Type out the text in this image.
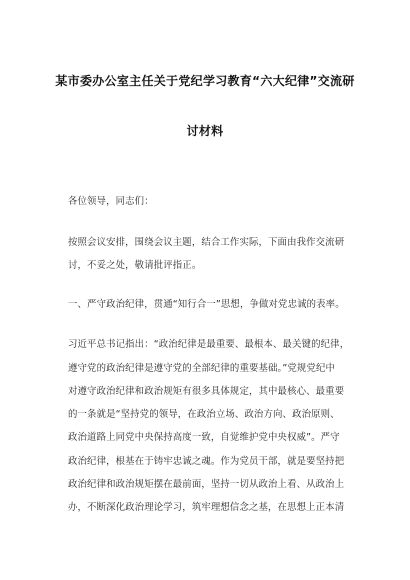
某市委办公室主任关于党纪学习教育“六大纪律”交流研
讨材料
各位领导，同志们：
按照会议安排，围绕会议主题，结合工作实际，下面由我作交流研
讨，不妥之处，敬请批评指正。
一、严守政治纪律，贯通“知行合一”思想，争做对党忠诚的表率。
习近平总书记指出：“政治纪律是最重要、最根本、最关键的纪律，
遵守党的政治纪律是遵守党的全部纪律的重要基础。”党规党纪中
对遵守政治纪律和政治规矩有很多具体规定，其中最核心、最重要
的一条就是“坚持党的领导，在政治立场、政治方向、政治原则、
政治道路上同党中央保持高度一致，自觉维护党中央权威”。严守
政治纪律，根基在于铸牢忠诚之魂。作为党员干部，就是要坚持把
政治纪律和政治规矩摆在最前面，坚持一切从政治上看、从政治上
办，不断深化政治理论学习，筑牢理想信念之基，在思想上正本清
